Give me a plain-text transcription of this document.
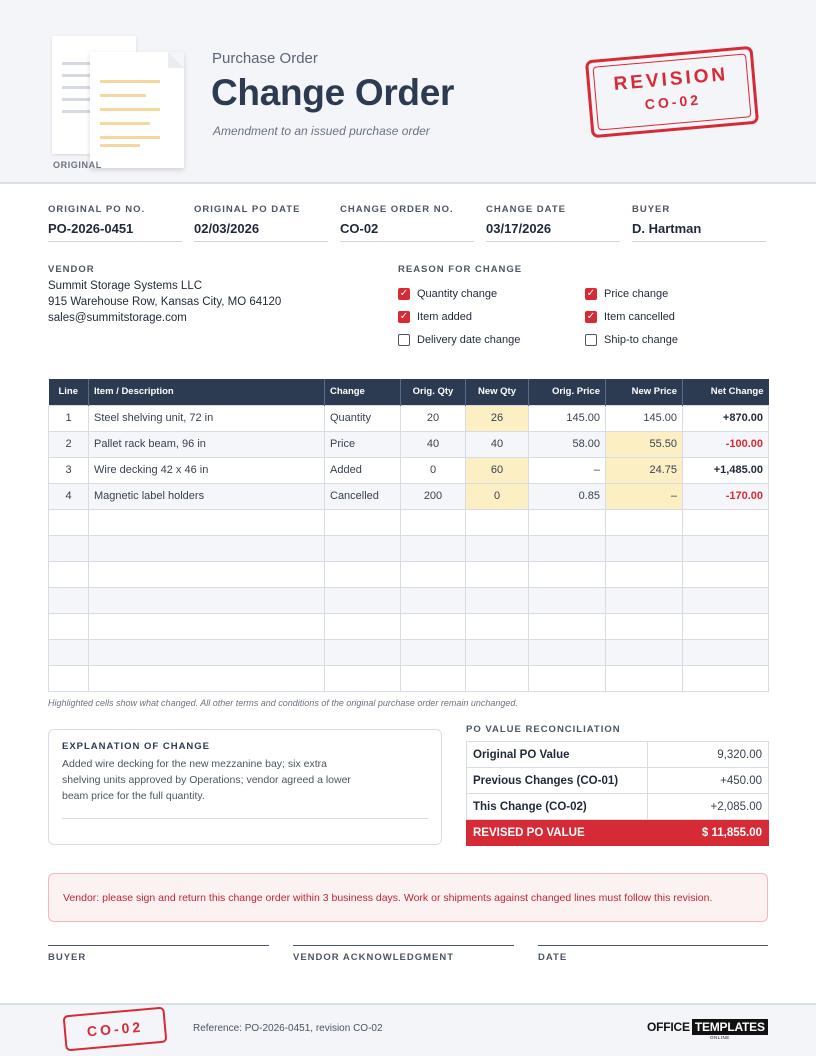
ORIGINAL
Purchase Order
Change Order
Amendment to an issued purchase order
REVISION
CO-02
ORIGINAL PO NO.
PO-2026-0451
ORIGINAL PO DATE
02/03/2026
CHANGE ORDER NO.
CO-02
CHANGE DATE
03/17/2026
BUYER
D. Hartman
VENDOR
Summit Storage Systems LLC
915 Warehouse Row, Kansas City, MO 64120
sales@summitstorage.com
REASON FOR CHANGE
✓ Quantity change	✓ Price change
✓ Item added	✓ Item cancelled
Delivery date change	Ship-to change
Line	Item / Description	Change	Orig. Qty	New Qty	Orig. Price	New Price	Net Change
1	Steel shelving unit, 72 in	Quantity	20	26	145.00	145.00	+870.00
2	Pallet rack beam, 96 in	Price	40	40	58.00	55.50	-100.00
3	Wire decking 42 x 46 in	Added	0	60	–	24.75	+1,485.00
4	Magnetic label holders	Cancelled	200	0	0.85	–	-170.00

Highlighted cells show what changed. All other terms and conditions of the original purchase order remain unchanged.
EXPLANATION OF CHANGE
Added wire decking for the new mezzanine bay; six extra shelving units approved by Operations; vendor agreed a lower beam price for the full quantity.
PO VALUE RECONCILIATION
Original PO Value	9,320.00
Previous Changes (CO-01)	+450.00
This Change (CO-02)	+2,085.00
REVISED PO VALUE	$ 11,855.00
Vendor: please sign and return this change order within 3 business days. Work or shipments against changed lines must follow this revision.
BUYER	VENDOR ACKNOWLEDGMENT	DATE
CO-02	Reference: PO-2026-0451, revision CO-02	OFFICE TEMPLATES
ONLINE
